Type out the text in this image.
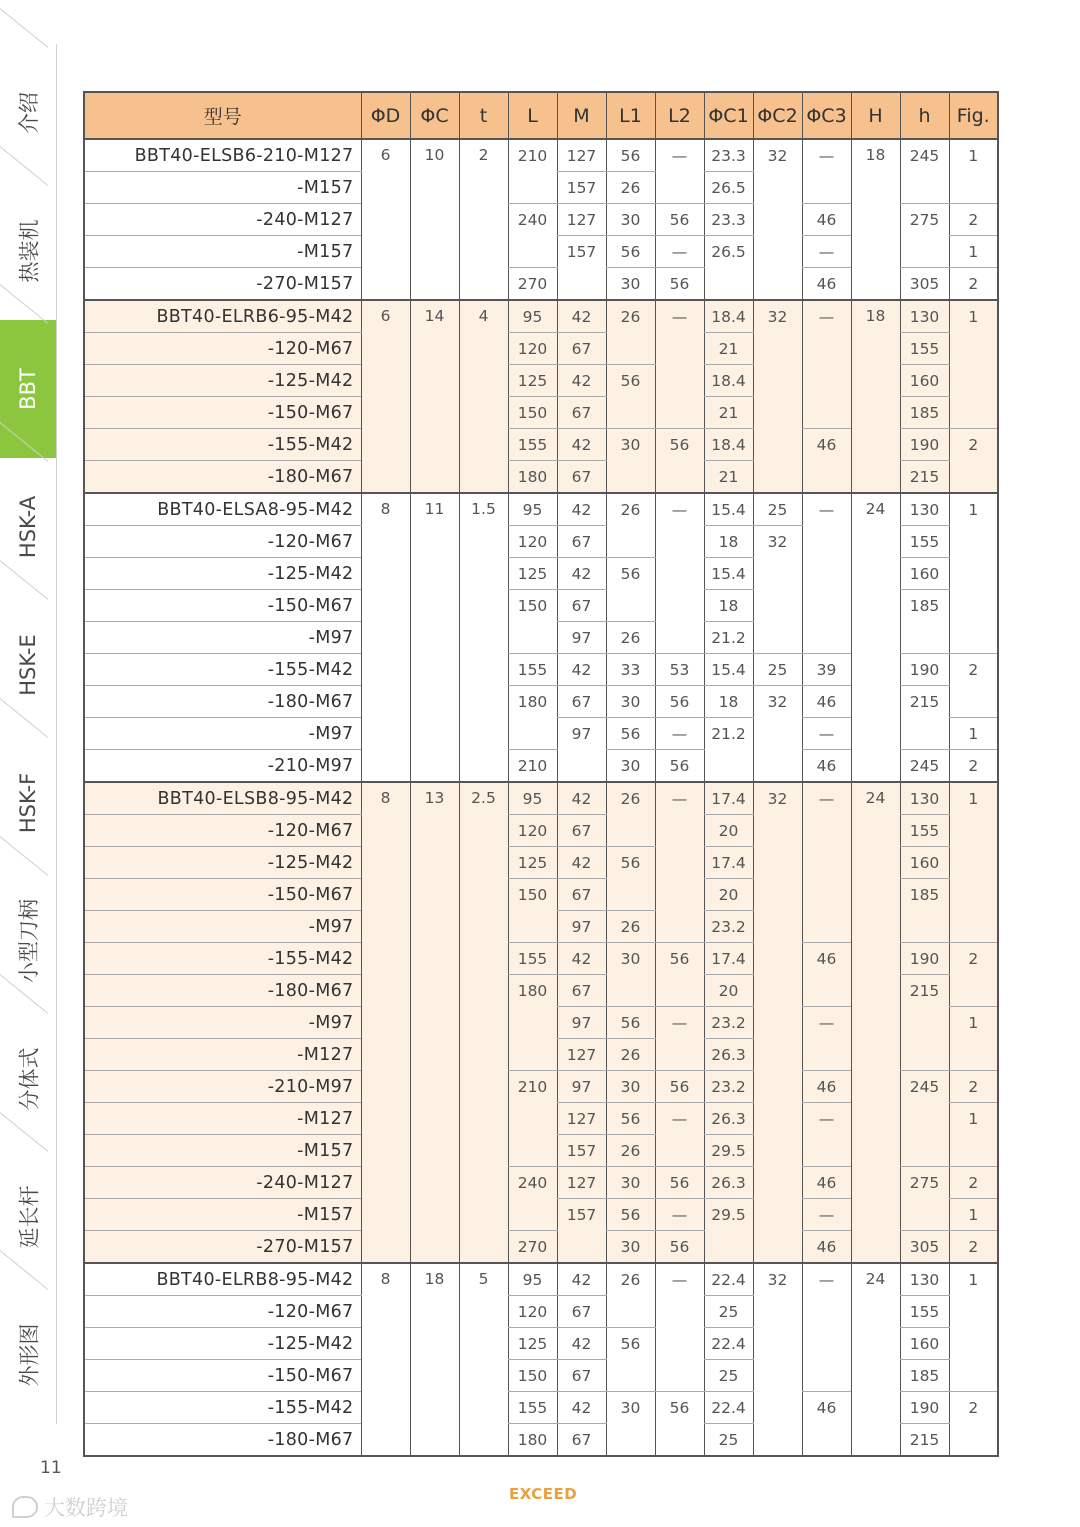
介绍
热装机
BBT
HSK-A
HSK-E
HSK-F
小型刀柄
分体式
延长杆
外形图
型号	ΦD	ΦC	t	L	M	L1	L2	ΦC1	ΦC2	ΦC3	H	h	Fig.
BBT40-ELSB6-210-M127	6	10	2	210	127	56	—	23.3	32	—	18	245	1
-M157					157	26		26.5					
-240-M127				240	127	30	56	23.3		46		275	2
-M157					157	56	—	26.5		—			1
-270-M157				270		30	56			46		305	2
BBT40-ELRB6-95-M42	6	14	4	95	42	26	—	18.4	32	—	18	130	1
-120-M67				120	67			21				155	
-125-M42				125	42	56		18.4				160	
-150-M67				150	67			21				185	
-155-M42				155	42	30	56	18.4		46		190	2
-180-M67				180	67			21				215	
BBT40-ELSA8-95-M42	8	11	1.5	95	42	26	—	15.4	25	—	24	130	1
-120-M67				120	67			18	32			155	
-125-M42				125	42	56		15.4				160	
-150-M67				150	67			18				185	
-M97					97	26		21.2					
-155-M42				155	42	33	53	15.4	25	39		190	2
-180-M67				180	67	30	56	18	32	46		215	
-M97					97	56	—	21.2		—			1
-210-M97				210		30	56			46		245	2
BBT40-ELSB8-95-M42	8	13	2.5	95	42	26	—	17.4	32	—	24	130	1
-120-M67				120	67			20				155	
-125-M42				125	42	56		17.4				160	
-150-M67				150	67			20				185	
-M97					97	26		23.2					
-155-M42				155	42	30	56	17.4		46		190	2
-180-M67				180	67			20				215	
-M97					97	56	—	23.2		—			1
-M127					127	26		26.3					
-210-M97				210	97	30	56	23.2		46		245	2
-M127					127	56	—	26.3		—			1
-M157					157	26		29.5					
-240-M127				240	127	30	56	26.3		46		275	2
-M157					157	56	—	29.5		—			1
-270-M157				270		30	56			46		305	2
BBT40-ELRB8-95-M42	8	18	5	95	42	26	—	22.4	32	—	24	130	1
-120-M67				120	67			25				155	
-125-M42				125	42	56		22.4				160	
-150-M67				150	67			25				185	
-155-M42				155	42	30	56	22.4		46		190	2
-180-M67				180	67			25				215	
11
EXCEED
大数跨境
